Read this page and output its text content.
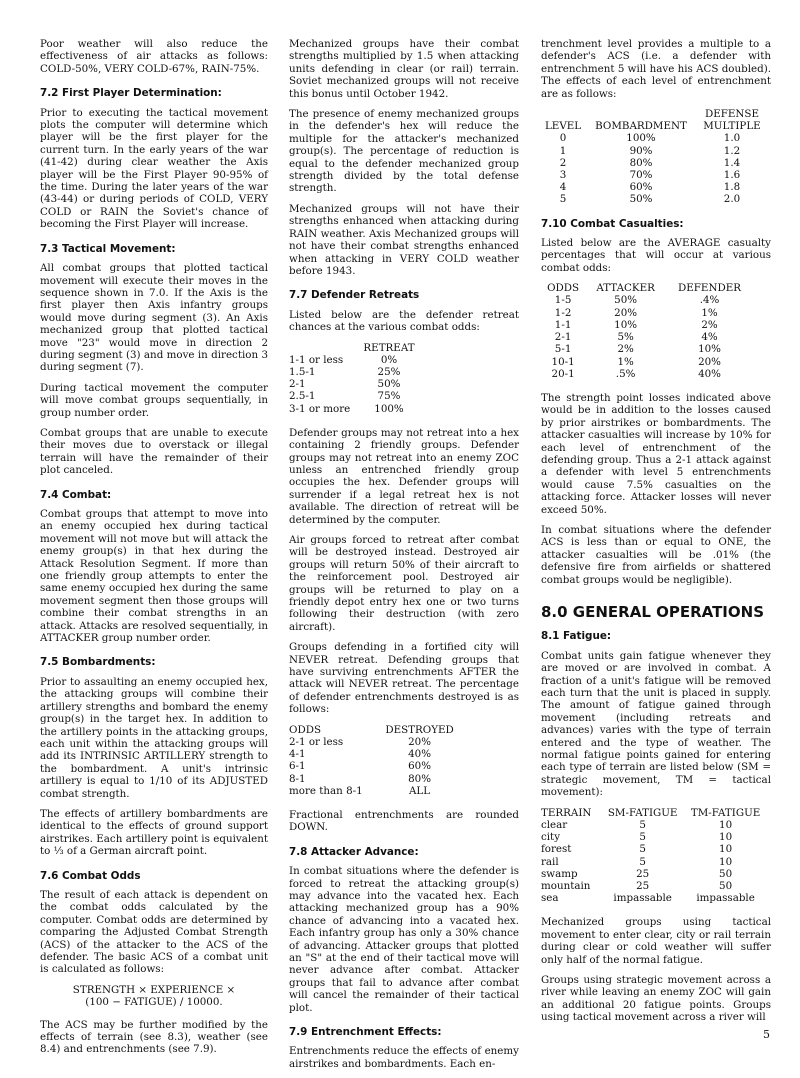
Poor weather will also reduce the effectiveness of air attacks as follows: COLD-50%, VERY COLD-67%, RAIN-75%.

7.2 First Player Determination:

Prior to executing the tactical movement plots the computer will determine which player will be the first player for the current turn. In the early years of the war (41-42) during clear weather the Axis player will be the First Player 90-95% of the time. During the later years of the war (43-44) or during periods of COLD, VERY COLD or RAIN the Soviet's chance of becoming the First Player will increase.

7.3 Tactical Movement:

All combat groups that plotted tactical movement will execute their moves in the sequence shown in 7.0. If the Axis is the first player then Axis infantry groups would move during segment (3). An Axis mechanized group that plotted tactical move "23" would move in direction 2 during segment (3) and move in direction 3 during segment (7).

During tactical movement the computer will move combat groups sequentially, in group number order.

Combat groups that are unable to execute their moves due to overstack or illegal terrain will have the remainder of their plot canceled.

7.4 Combat:

Combat groups that attempt to move into an enemy occupied hex during tactical movement will not move but will attack the enemy group(s) in that hex during the Attack Resolution Segment. If more than one friendly group attempts to enter the same enemy occupied hex during the same movement segment then those groups will combine their combat strengths in an attack. Attacks are resolved sequentially, in ATTACKER group number order.

7.5 Bombardments:

Prior to assaulting an enemy occupied hex, the attacking groups will combine their artillery strengths and bombard the enemy group(s) in the target hex. In addition to the artillery points in the attacking groups, each unit within the attacking groups will add its INTRINSIC ARTILLERY strength to the bombardment. A unit's intrinsic artillery is equal to 1/10 of its ADJUSTED combat strength.

The effects of artillery bombardments are identical to the effects of ground support airstrikes. Each artillery point is equivalent to ⅓ of a German aircraft point.

7.6 Combat Odds

The result of each attack is dependent on the combat odds calculated by the computer. Combat odds are determined by comparing the Adjusted Combat Strength (ACS) of the attacker to the ACS of the defender. The basic ACS of a combat unit is calculated as follows:

STRENGTH × EXPERIENCE ×
(100 − FATIGUE) / 10000.

The ACS may be further modified by the effects of terrain (see 8.3), weather (see 8.4) and entrenchments (see 7.9).

Mechanized groups have their combat strengths multiplied by 1.5 when attacking units defending in clear (or rail) terrain. Soviet mechanized groups will not receive this bonus until October 1942.

The presence of enemy mechanized groups in the defender's hex will reduce the multiple for the attacker's mechanized group(s). The percentage of reduction is equal to the defender mechanized group strength divided by the total defense strength.

Mechanized groups will not have their strengths enhanced when attacking during RAIN weather. Axis Mechanized groups will not have their combat strengths enhanced when attacking in VERY COLD weather before 1943.

7.7 Defender Retreats

Listed below are the defender retreat chances at the various combat odds:

	RETREAT
1-1 or less	0%
1.5-1	25%
2-1	50%
2.5-1	75%
3-1 or more	100%

Defender groups may not retreat into a hex containing 2 friendly groups. Defender groups may not retreat into an enemy ZOC unless an entrenched friendly group occupies the hex. Defender groups will surrender if a legal retreat hex is not available. The direction of retreat will be determined by the computer.

Air groups forced to retreat after combat will be destroyed instead. Destroyed air groups will return 50% of their aircraft to the reinforcement pool. Destroyed air groups will be returned to play on a friendly depot entry hex one or two turns following their destruction (with zero aircraft).

Groups defending in a fortified city will NEVER retreat. Defending groups that have surviving entrenchments AFTER the attack will NEVER retreat. The percentage of defender entrenchments destroyed is as follows:

ODDS	DESTROYED
2-1 or less	20%
4-1	40%
6-1	60%
8-1	80%
more than 8-1	ALL

Fractional entrenchments are rounded DOWN.

7.8 Attacker Advance:

In combat situations where the defender is forced to retreat the attacking group(s) may advance into the vacated hex. Each attacking mechanized group has a 90% chance of advancing into a vacated hex. Each infantry group has only a 30% chance of advancing. Attacker groups that plotted an "S" at the end of their tactical move will never advance after combat. Attacker groups that fail to advance after combat will cancel the remainder of their tactical plot.

7.9 Entrenchment Effects:

Entrenchments reduce the effects of enemy airstrikes and bombardments. Each en-

trenchment level provides a multiple to a defender's ACS (i.e. a defender with entrenchment 5 will have his ACS doubled). The effects of each level of entrenchment are as follows:

		DEFENSE
LEVEL	BOMBARDMENT	MULTIPLE
0	100%	1.0
1	90%	1.2
2	80%	1.4
3	70%	1.6
4	60%	1.8
5	50%	2.0
7.10 Combat Casualties:

Listed below are the AVERAGE casualty percentages that will occur at various combat odds:

ODDS	ATTACKER	DEFENDER
1-5	50%	.4%
1-2	20%	1%
1-1	10%	2%
2-1	5%	4%
5-1	2%	10%
10-1	1%	20%
20-1	.5%	40%

The strength point losses indicated above would be in addition to the losses caused by prior airstrikes or bombardments. The attacker casualties will increase by 10% for each level of entrenchment of the defending group. Thus a 2-1 attack against a defender with level 5 entrenchments would cause 7.5% casualties on the attacking force. Attacker losses will never exceed 50%.

In combat situations where the defender ACS is less than or equal to ONE, the attacker casualties will be .01% (the defensive fire from airfields or shattered combat groups would be negligible).

8.0 GENERAL OPERATIONS
8.1 Fatigue:

Combat units gain fatigue whenever they are moved or are involved in combat. A fraction of a unit's fatigue will be removed each turn that the unit is placed in supply. The amount of fatigue gained through movement (including retreats and advances) varies with the type of terrain entered and the type of weather. The normal fatigue points gained for entering each type of terrain are listed below (SM = strategic movement, TM = tactical movement):

TERRAIN	SM-FATIGUE	TM-FATIGUE
clear	5	10
city	5	10
forest	5	10
rail	5	10
swamp	25	50
mountain	25	50
sea	impassable	impassable

Mechanized groups using tactical movement to enter clear, city or rail terrain during clear or cold weather will suffer only half of the normal fatigue.

Groups using strategic movement across a river while leaving an enemy ZOC will gain an additional 20 fatigue points. Groups using tactical movement across a river will

5
